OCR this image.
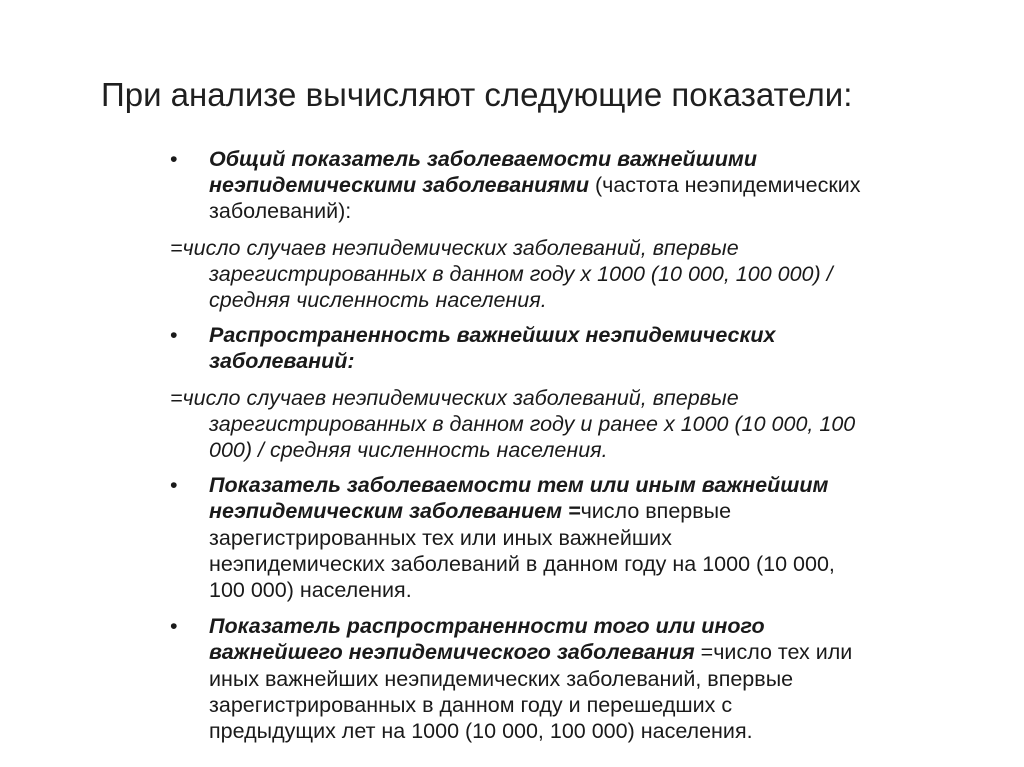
При анализе вычисляют следующие показатели:
• Общий показатель заболеваемости важнейшими
неэпидемическими заболеваниями (частота неэпидемических
заболеваний):
=число случаев неэпидемических заболеваний, впервые
зарегистрированных в данном году х 1000 (10 000, 100 000) /
средняя численность населения.
• Распространенность важнейших неэпидемических
заболеваний:
=число случаев неэпидемических заболеваний, впервые
зарегистрированных в данном году и ранее х 1000 (10 000, 100
000) / средняя численность населения.
• Показатель заболеваемости тем или иным важнейшим
неэпидемическим заболеванием =число впервые
зарегистрированных тех или иных важнейших
неэпидемических заболеваний в данном году на 1000 (10 000,
100 000) населения.
• Показатель распространенности того или иного
важнейшего неэпидемического заболевания =число тех или
иных важнейших неэпидемических заболеваний, впервые
зарегистрированных в данном году и перешедших с
предыдущих лет на 1000 (10 000, 100 000) населения.
